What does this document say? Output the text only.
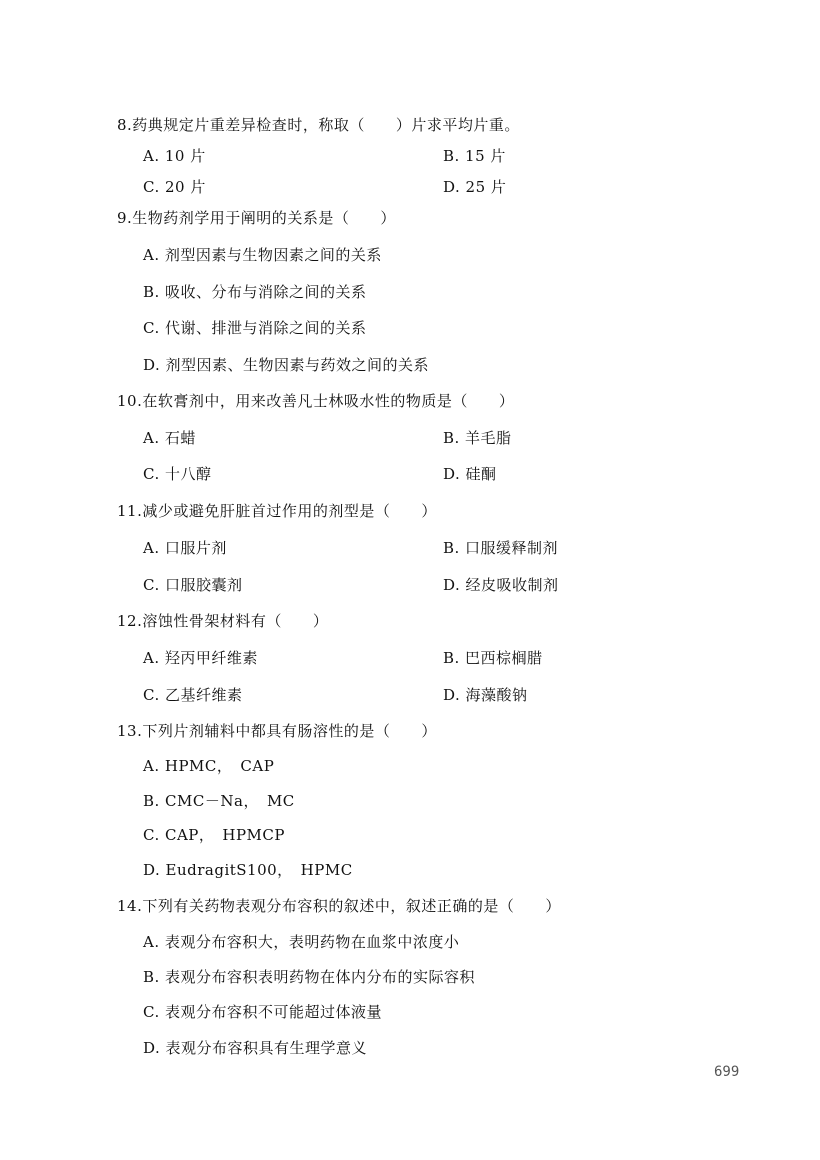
8.药典规定片重差异检查时，称取（　　）片求平均片重。
A. 10 片	B. 15 片
C. 20 片	D. 25 片
9.生物药剂学用于阐明的关系是（　　）
A. 剂型因素与生物因素之间的关系
B. 吸收、分布与消除之间的关系
C. 代谢、排泄与消除之间的关系
D. 剂型因素、生物因素与药效之间的关系
10.在软膏剂中，用来改善凡士林吸水性的物质是（　　）
A. 石蜡	B. 羊毛脂
C. 十八醇	D. 硅酮
11.减少或避免肝脏首过作用的剂型是（　　）
A. 口服片剂	B. 口服缓释制剂
C. 口服胶囊剂	D. 经皮吸收制剂
12.溶蚀性骨架材料有（　　）
A. 羟丙甲纤维素	B. 巴西棕榈腊
C. 乙基纤维素	D. 海藻酸钠
13.下列片剂辅料中都具有肠溶性的是（　　）
A. HPMC，　CAP
B. CMC－Na，　MC
C. CAP，　HPMCP
D. EudragitS100，　HPMC
14.下列有关药物表观分布容积的叙述中，叙述正确的是（　　）
A. 表观分布容积大，表明药物在血浆中浓度小
B. 表观分布容积表明药物在体内分布的实际容积
C. 表观分布容积不可能超过体液量
D. 表观分布容积具有生理学意义
699
